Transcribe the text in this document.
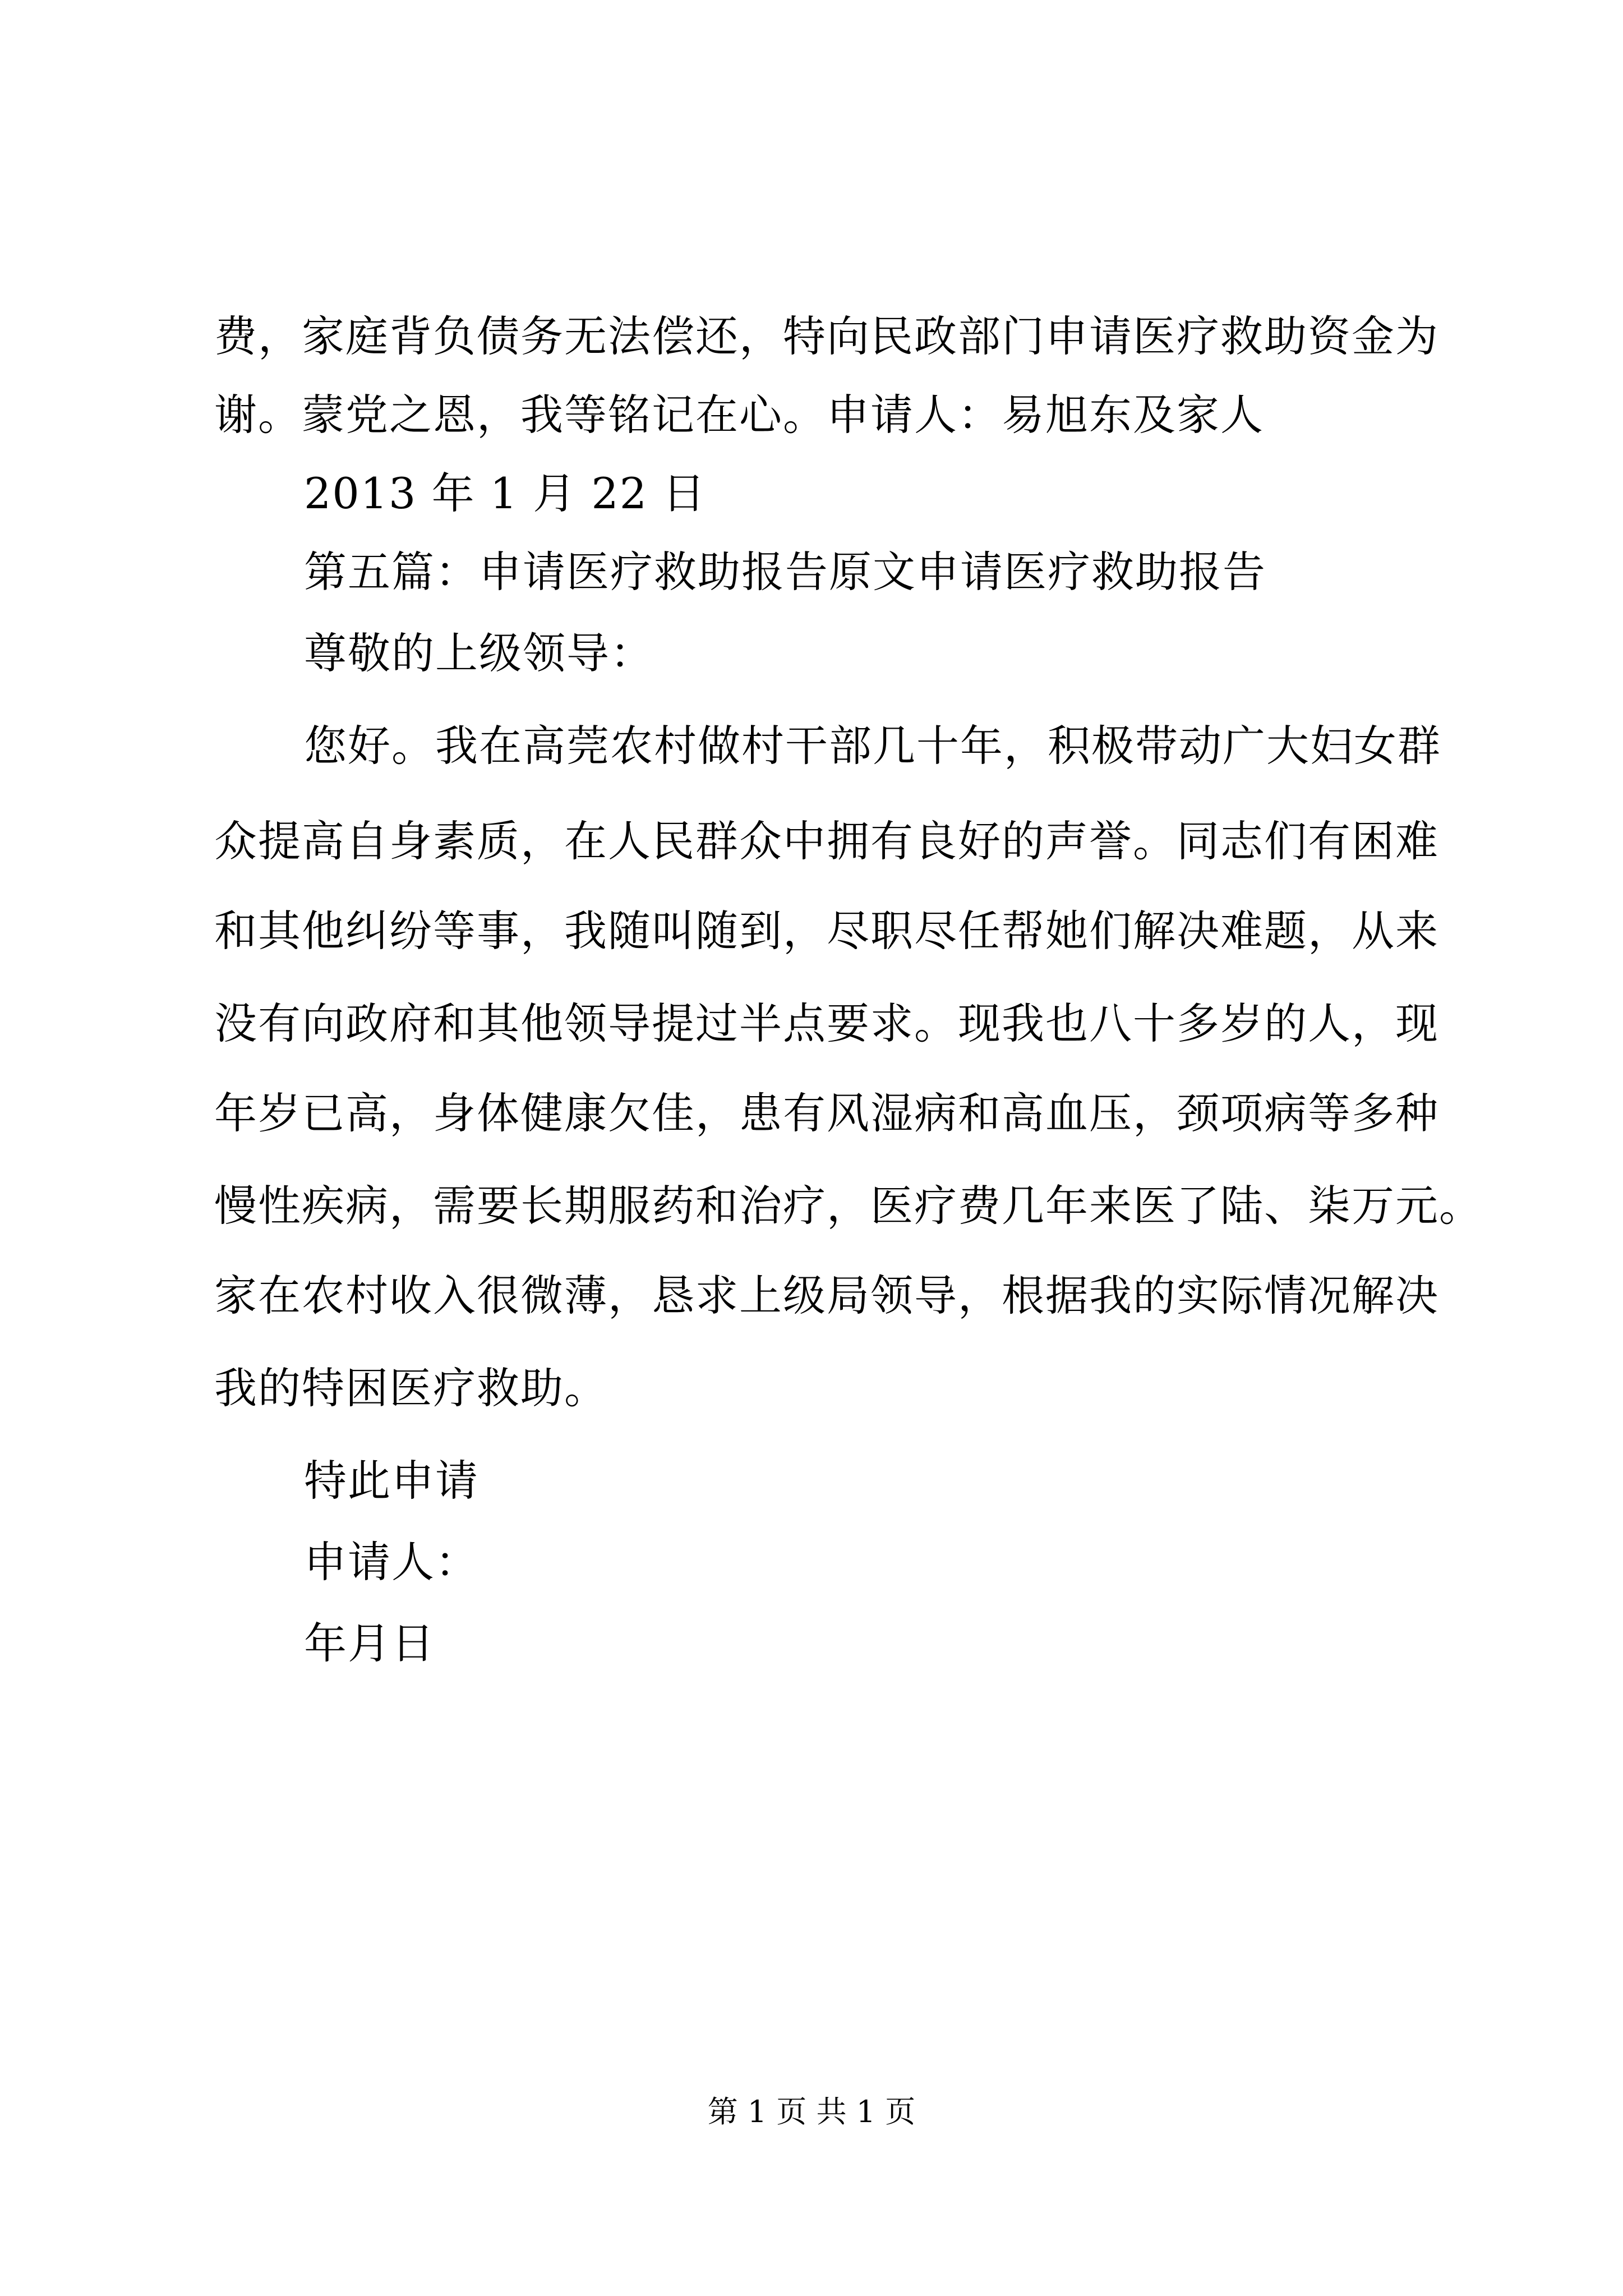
费，家庭背负债务无法偿还，特向民政部门申请医疗救助资金为
谢。蒙党之恩，我等铭记在心。申请人：易旭东及家人
2013 年 1 月 22 日
第五篇：申请医疗救助报告原文申请医疗救助报告
尊敬的上级领导：
您好。我在高莞农村做村干部几十年，积极带动广大妇女群
众提高自身素质，在人民群众中拥有良好的声誉。同志们有困难
和其他纠纷等事，我随叫随到，尽职尽任帮她们解决难题，从来
没有向政府和其他领导提过半点要求。现我也八十多岁的人，现
年岁已高，身体健康欠佳，患有风湿病和高血压，颈项病等多种
慢性疾病，需要长期服药和治疗，医疗费几年来医了陆、柒万元。
家在农村收入很微薄，恳求上级局领导，根据我的实际情况解决
我的特困医疗救助。
特此申请
申请人：
年月日
第 1 页 共 1 页
